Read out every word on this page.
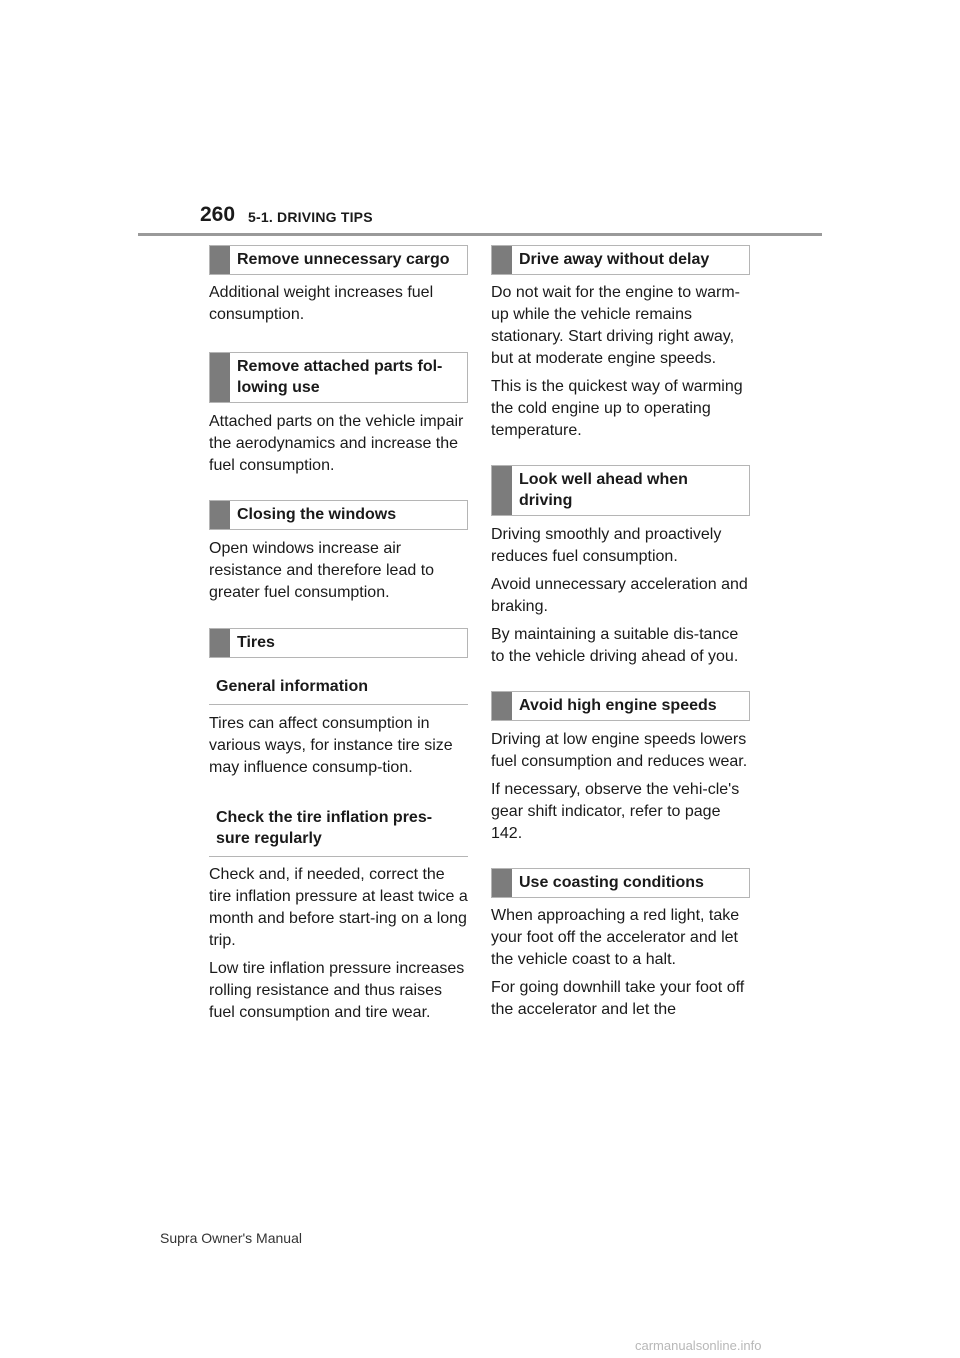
260 5-1. DRIVING TIPS
Remove unnecessary cargo

Additional weight increases fuel consumption.

Remove attached parts fol-lowing use

Attached parts on the vehicle impair the aerodynamics and increase the fuel consumption.

Closing the windows

Open windows increase air resistance and therefore lead to greater fuel consumption.

Tires
General information

Tires can affect consumption in various ways, for instance tire size may influence consump-tion.

Check the tire inflation pres-sure regularly

Check and, if needed, correct the tire inflation pressure at least twice a month and before start-ing on a long trip.

Low tire inflation pressure increases rolling resistance and thus raises fuel consumption and tire wear.

Drive away without delay

Do not wait for the engine to warm-up while the vehicle remains stationary. Start driving right away, but at moderate engine speeds.

This is the quickest way of warming the cold engine up to operating temperature.

Look well ahead when driving

Driving smoothly and proactively reduces fuel consumption.

Avoid unnecessary acceleration and braking.

By maintaining a suitable dis-tance to the vehicle driving ahead of you.

Avoid high engine speeds

Driving at low engine speeds lowers fuel consumption and reduces wear.

If necessary, observe the vehi-cle's gear shift indicator, refer to page 142.

Use coasting conditions

When approaching a red light, take your foot off the accelerator and let the vehicle coast to a halt.

For going downhill take your foot off the accelerator and let the

Supra Owner's Manual
carmanualsonline.info
